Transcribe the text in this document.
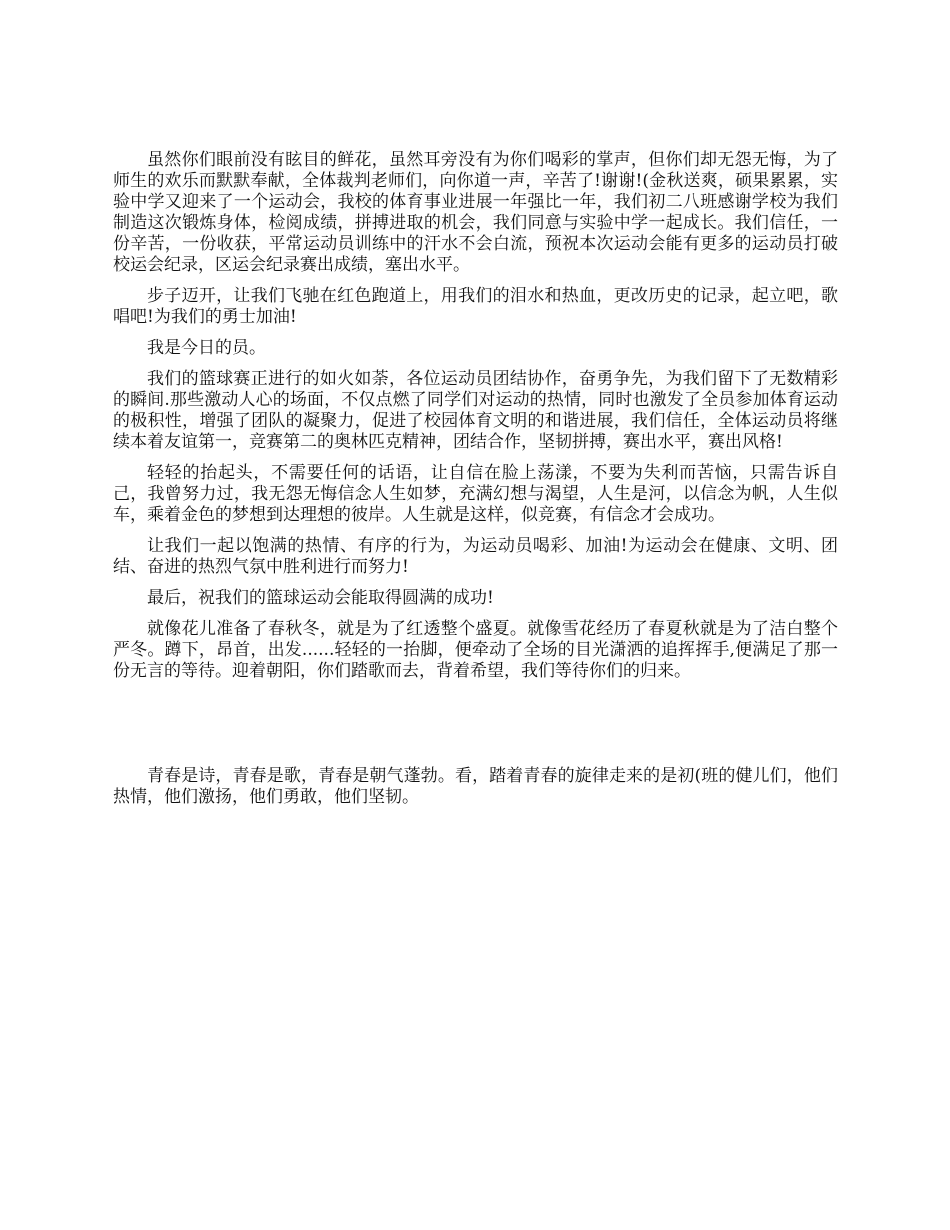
虽然你们眼前没有眩目的鲜花，虽然耳旁没有为你们喝彩的掌声，但你们却无怨无悔，为了师生的欢乐而默默奉献，全体裁判老师们，向你道一声，辛苦了!谢谢!(金秋送爽，硕果累累，实验中学又迎来了一个运动会，我校的体育事业进展一年强比一年，我们初二八班感谢学校为我们制造这次锻炼身体，检阅成绩，拼搏进取的机会，我们同意与实验中学一起成长。我们信任，一份辛苦，一份收获，平常运动员训练中的汗水不会白流，预祝本次运动会能有更多的运动员打破校运会纪录，区运会纪录赛出成绩，塞出水平。

步子迈开，让我们飞驰在红色跑道上，用我们的泪水和热血，更改历史的记录，起立吧，歌唱吧!为我们的勇士加油!

我是今日的员。

我们的篮球赛正进行的如火如荼，各位运动员团结协作，奋勇争先，为我们留下了无数精彩的瞬间.那些激动人心的场面，不仅点燃了同学们对运动的热情，同时也激发了全员参加体育运动的极积性，增强了团队的凝聚力，促进了校园体育文明的和谐进展，我们信任，全体运动员将继续本着友谊第一，竞赛第二的奥林匹克精神，团结合作，坚韧拼搏，赛出水平，赛出风格!

轻轻的抬起头，不需要任何的话语，让自信在脸上荡漾，不要为失利而苦恼，只需告诉自己，我曾努力过，我无怨无悔信念人生如梦，充满幻想与渴望，人生是河，以信念为帆，人生似车，乘着金色的梦想到达理想的彼岸。人生就是这样，似竞赛，有信念才会成功。

让我们一起以饱满的热情、有序的行为，为运动员喝彩、加油!为运动会在健康、文明、团结、奋进的热烈气氛中胜利进行而努力!

最后，祝我们的篮球运动会能取得圆满的成功!

就像花儿准备了春秋冬，就是为了红透整个盛夏。就像雪花经历了春夏秋就是为了洁白整个严冬。蹲下，昂首，出发......轻轻的一抬脚，便牵动了全场的目光潇洒的追挥挥手,便满足了那一份无言的等待。迎着朝阳，你们踏歌而去，背着希望，我们等待你们的归来。

青春是诗，青春是歌，青春是朝气蓬勃。看，踏着青春的旋律走来的是初(班的健儿们，他们热情，他们激扬，他们勇敢，他们坚韧。
